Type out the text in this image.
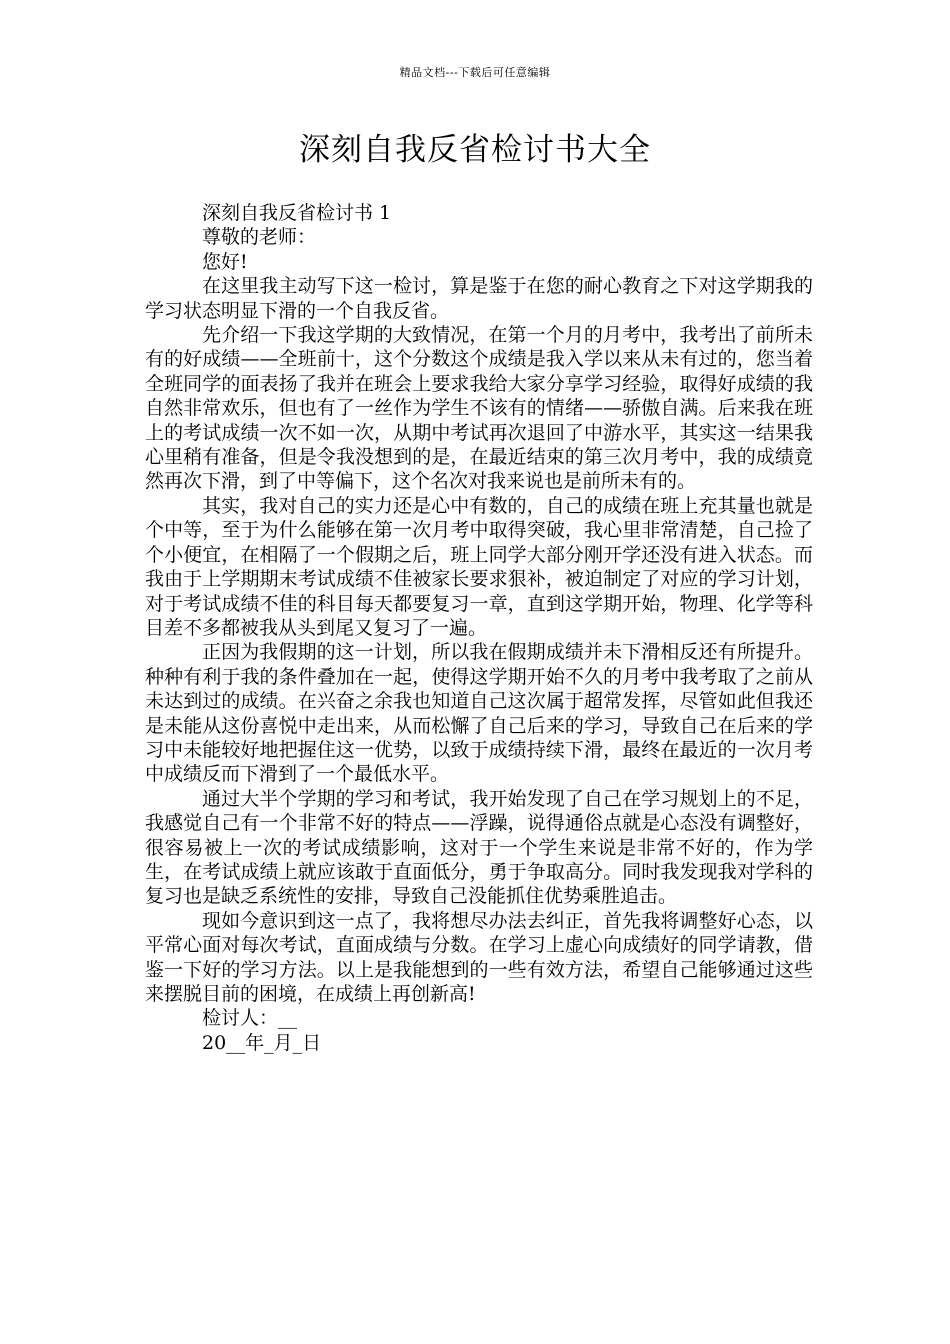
精品文档---下载后可任意编辑
深刻自我反省检讨书大全

深刻自我反省检讨书 1

尊敬的老师：

您好!

在这里我主动写下这一检讨，算是鉴于在您的耐心教育之下对这学期我的学习状态明显下滑的一个自我反省。

先介绍一下我这学期的大致情况，在第一个月的月考中，我考出了前所未有的好成绩——全班前十，这个分数这个成绩是我入学以来从未有过的，您当着全班同学的面表扬了我并在班会上要求我给大家分享学习经验，取得好成绩的我自然非常欢乐，但也有了一丝作为学生不该有的情绪——骄傲自满。后来我在班上的考试成绩一次不如一次，从期中考试再次退回了中游水平，其实这一结果我心里稍有准备，但是令我没想到的是，在最近结束的第三次月考中，我的成绩竟然再次下滑，到了中等偏下，这个名次对我来说也是前所未有的。

其实，我对自己的实力还是心中有数的，自己的成绩在班上充其量也就是个中等，至于为什么能够在第一次月考中取得突破，我心里非常清楚，自己捡了个小便宜，在相隔了一个假期之后，班上同学大部分刚开学还没有进入状态。而我由于上学期期末考试成绩不佳被家长要求狠补，被迫制定了对应的学习计划，对于考试成绩不佳的科目每天都要复习一章，直到这学期开始，物理、化学等科目差不多都被我从头到尾又复习了一遍。

正因为我假期的这一计划，所以我在假期成绩并未下滑相反还有所提升。种种有利于我的条件叠加在一起，使得这学期开始不久的月考中我考取了之前从未达到过的成绩。在兴奋之余我也知道自己这次属于超常发挥，尽管如此但我还是未能从这份喜悦中走出来，从而松懈了自己后来的学习，导致自己在后来的学习中未能较好地把握住这一优势，以致于成绩持续下滑，最终在最近的一次月考中成绩反而下滑到了一个最低水平。

通过大半个学期的学习和考试，我开始发现了自己在学习规划上的不足，我感觉自己有一个非常不好的特点——浮躁，说得通俗点就是心态没有调整好，很容易被上一次的考试成绩影响，这对于一个学生来说是非常不好的，作为学生，在考试成绩上就应该敢于直面低分，勇于争取高分。同时我发现我对学科的复习也是缺乏系统性的安排，导致自己没能抓住优势乘胜追击。

现如今意识到这一点了，我将想尽办法去纠正，首先我将调整好心态，以平常心面对每次考试，直面成绩与分数。在学习上虚心向成绩好的同学请教，借鉴一下好的学习方法。以上是我能想到的一些有效方法，希望自己能够通过这些来摆脱目前的困境，在成绩上再创新高!

检讨人：__

20__年_月_日
